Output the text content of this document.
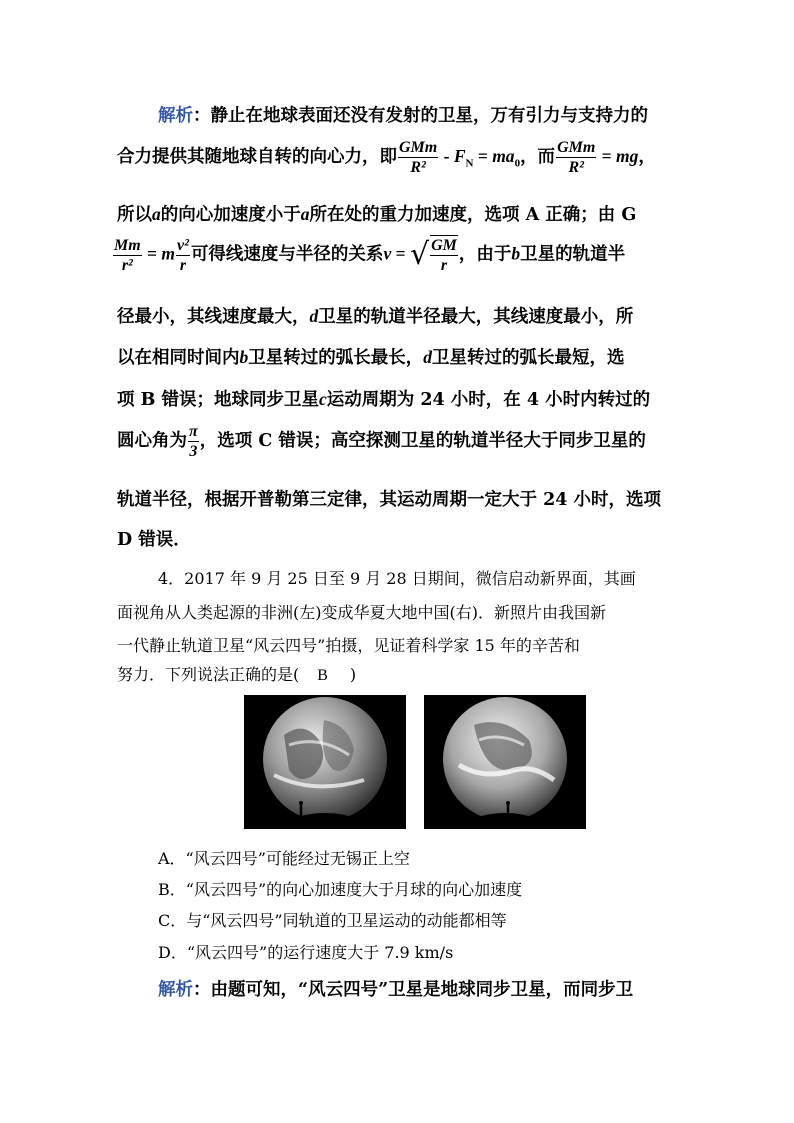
解析：静止在地球表面还没有发射的卫星，万有引力与支持力的
合力提供其随地球自转的向心力，即 $\frac{\text{GMm}}{\text{R²}} - F_N = ma_0$，而 $\frac{\text{GMm}}{\text{R²}}$ = mg，
所以a的向心加速度小于a所在处的重力加速度，选项 A 正确；由 G
$\frac{Mm}{\text{r²}} = m \frac{\text{v²}}{r}$ 可得线速度与半径的关系v = √ $\frac{GM}{r}$ ，由于b卫星的轨道半
径最小，其线速度最大，d卫星的轨道半径最大，其线速度最小，所
以在相同时间内b卫星转过的弧长最长，d卫星转过的弧长最短，选
项 B 错误；地球同步卫星c运动周期为 24 小时，在 4 小时内转过的
圆心角为 $\frac{\pi}{3}$ ，选项 C 错误；高空探测卫星的轨道半径大于同步卫星的
轨道半径，根据开普勒第三定律，其运动周期一定大于 24 小时，选项
D 错误．
4．2017 年 9 月 25 日至 9 月 28 日期间，微信启动新界面，其画
面视角从人类起源的非洲(左)变成华夏大地中国(右)．新照片由我国新
一代静止轨道卫星“风云四号”拍摄，见证着科学家 15 年的辛苦和
努力．下列说法正确的是( B )
A．“风云四号”可能经过无锡正上空
B．“风云四号”的向心加速度大于月球的向心加速度
C．与“风云四号”同轨道的卫星运动的动能都相等
D．“风云四号”的运行速度大于 7.9 km/s
解析：由题可知，“风云四号”卫星是地球同步卫星，而同步卫
